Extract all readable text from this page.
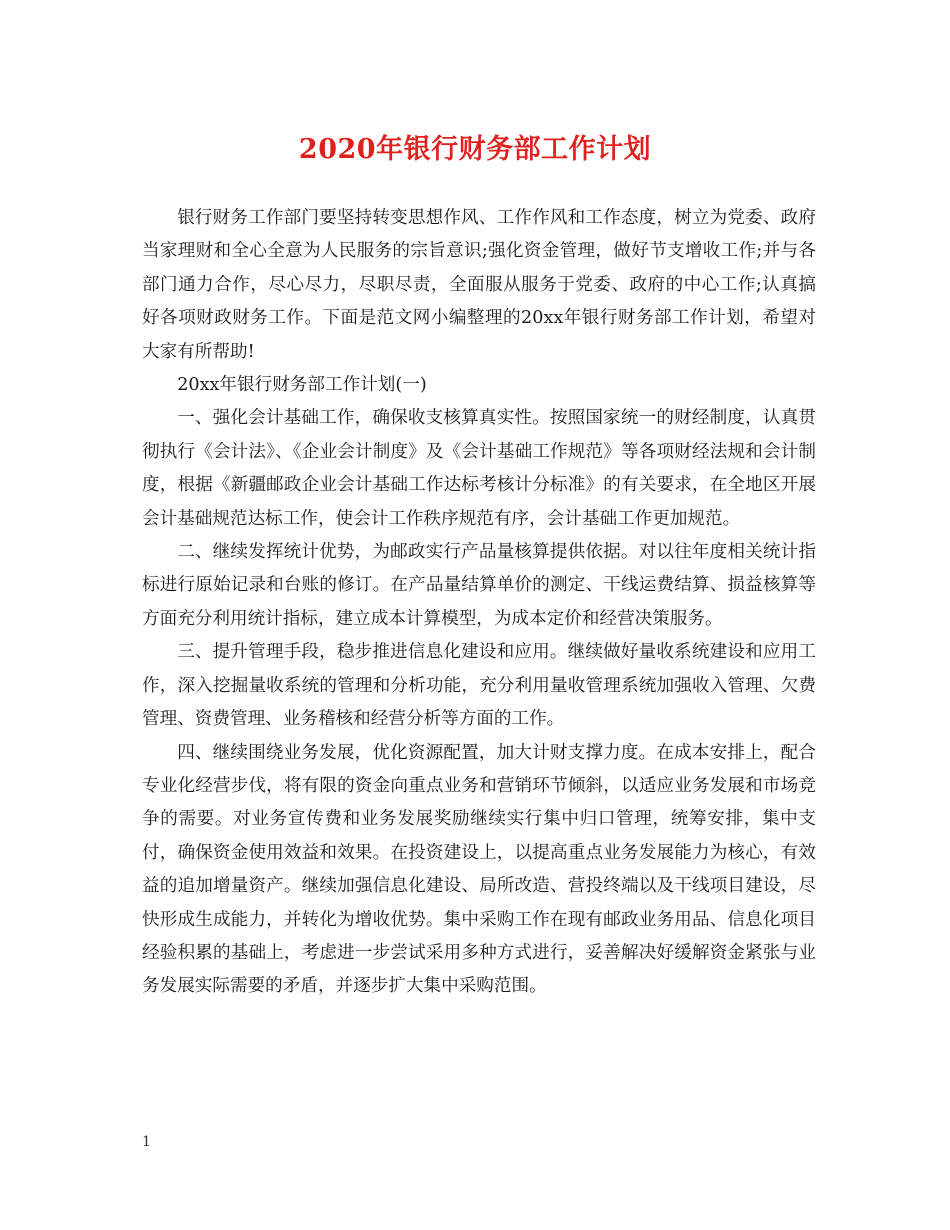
2020年银行财务部工作计划

银行财务工作部门要坚持转变思想作风、工作作风和工作态度，树立为党委、政府当家理财和全心全意为人民服务的宗旨意识;强化资金管理，做好节支增收工作;并与各部门通力合作，尽心尽力，尽职尽责，全面服从服务于党委、政府的中心工作;认真搞好各项财政财务工作。下面是范文网小编整理的20xx年银行财务部工作计划，希望对大家有所帮助!

20xx年银行财务部工作计划(一)

一、强化会计基础工作，确保收支核算真实性。按照国家统一的财经制度，认真贯彻执行《会计法》、《企业会计制度》及《会计基础工作规范》等各项财经法规和会计制度，根据《新疆邮政企业会计基础工作达标考核计分标准》的有关要求，在全地区开展会计基础规范达标工作，使会计工作秩序规范有序，会计基础工作更加规范。

二、继续发挥统计优势，为邮政实行产品量核算提供依据。对以往年度相关统计指标进行原始记录和台账的修订。在产品量结算单价的测定、干线运费结算、损益核算等方面充分利用统计指标，建立成本计算模型，为成本定价和经营决策服务。

三、提升管理手段，稳步推进信息化建设和应用。继续做好量收系统建设和应用工作，深入挖掘量收系统的管理和分析功能，充分利用量收管理系统加强收入管理、欠费管理、资费管理、业务稽核和经营分析等方面的工作。

四、继续围绕业务发展，优化资源配置，加大计财支撑力度。在成本安排上，配合专业化经营步伐，将有限的资金向重点业务和营销环节倾斜，以适应业务发展和市场竞争的需要。对业务宣传费和业务发展奖励继续实行集中归口管理，统筹安排，集中支付，确保资金使用效益和效果。在投资建设上，以提高重点业务发展能力为核心，有效益的追加增量资产。继续加强信息化建设、局所改造、营投终端以及干线项目建设，尽快形成生成能力，并转化为增收优势。集中采购工作在现有邮政业务用品、信息化项目经验积累的基础上，考虑进一步尝试采用多种方式进行，妥善解决好缓解资金紧张与业务发展实际需要的矛盾，并逐步扩大集中采购范围。

1
